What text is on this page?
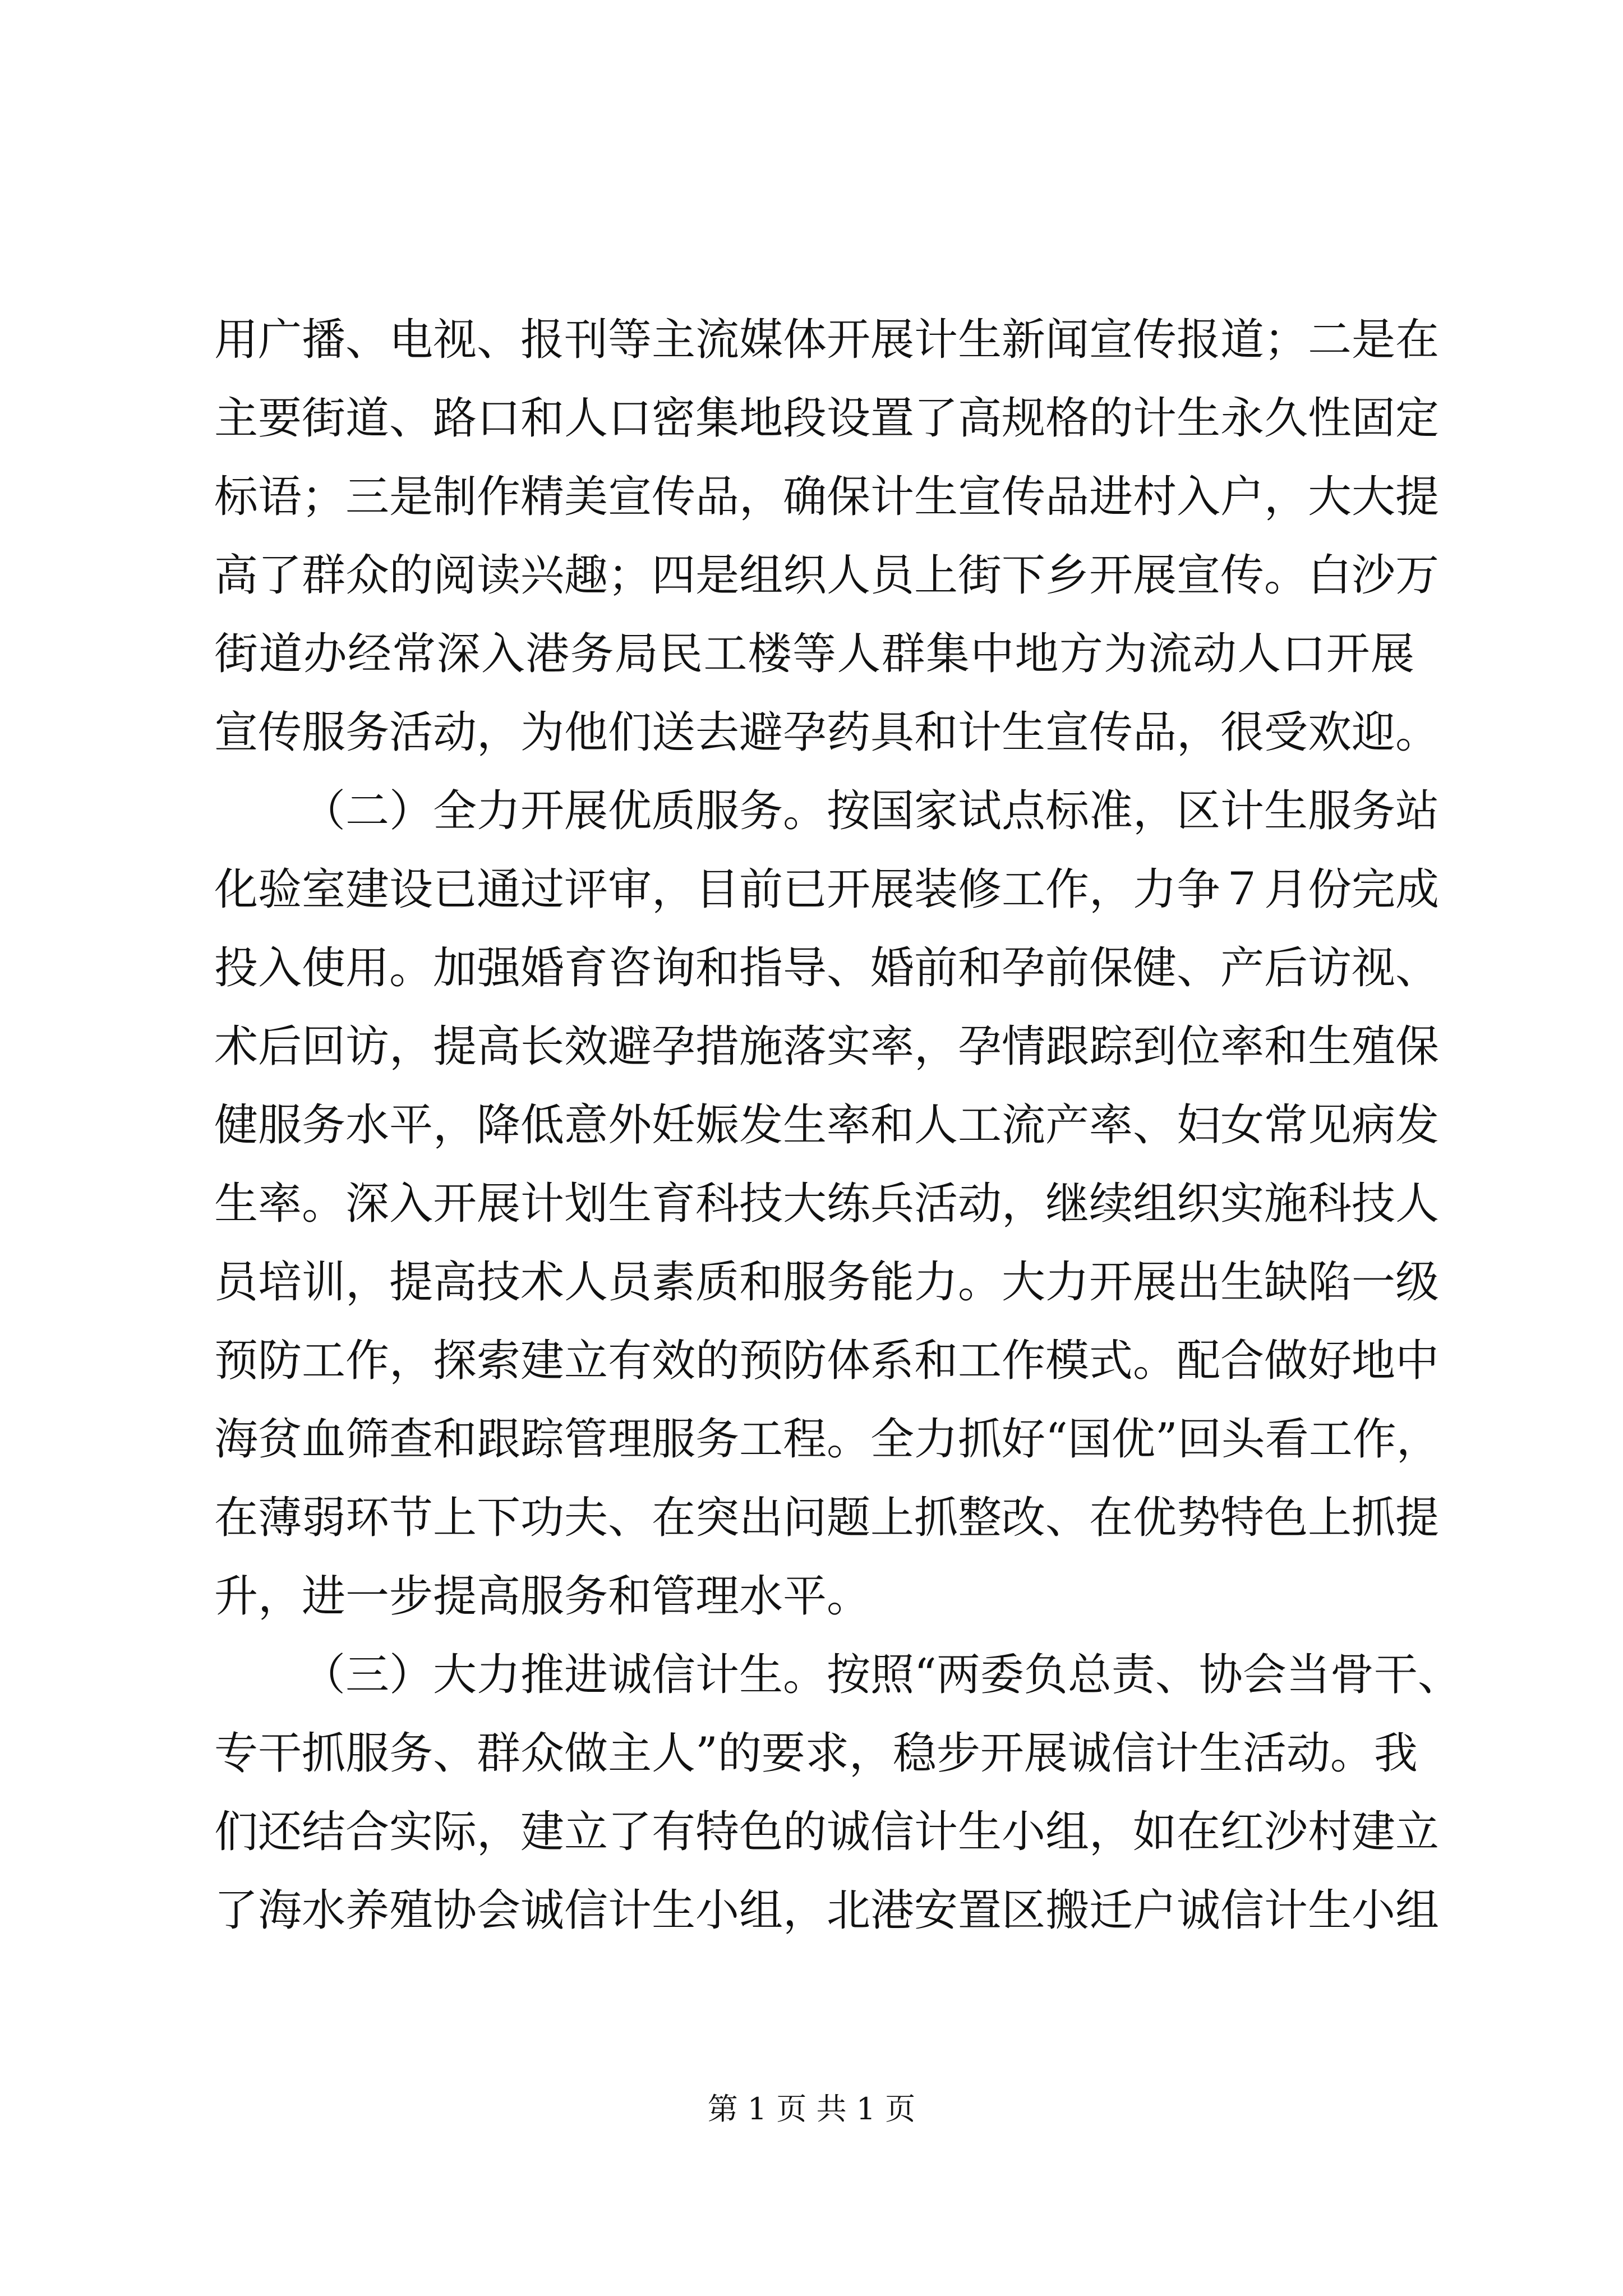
用广播、电视、报刊等主流媒体开展计生新闻宣传报道；二是在
主要街道、路口和人口密集地段设置了高规格的计生永久性固定
标语；三是制作精美宣传品，确保计生宣传品进村入户，大大提
高了群众的阅读兴趣；四是组织人员上街下乡开展宣传。白沙万
街道办经常深入港务局民工楼等人群集中地方为流动人口开展
宣传服务活动，为他们送去避孕药具和计生宣传品，很受欢迎。
（二）全力开展优质服务。按国家试点标准，区计生服务站
化验室建设已通过评审，目前已开展装修工作，力争７月份完成
投入使用。加强婚育咨询和指导、婚前和孕前保健、产后访视、
术后回访，提高长效避孕措施落实率，孕情跟踪到位率和生殖保
健服务水平，降低意外妊娠发生率和人工流产率、妇女常见病发
生率。深入开展计划生育科技大练兵活动，继续组织实施科技人
员培训，提高技术人员素质和服务能力。大力开展出生缺陷一级
预防工作，探索建立有效的预防体系和工作模式。配合做好地中
海贫血筛查和跟踪管理服务工程。全力抓好“国优”回头看工作，
在薄弱环节上下功夫、在突出问题上抓整改、在优势特色上抓提
升，进一步提高服务和管理水平。
（三）大力推进诚信计生。按照“两委负总责、协会当骨干、
专干抓服务、群众做主人”的要求，稳步开展诚信计生活动。我
们还结合实际，建立了有特色的诚信计生小组，如在红沙村建立
了海水养殖协会诚信计生小组，北港安置区搬迁户诚信计生小组
第 1 页 共 1 页
